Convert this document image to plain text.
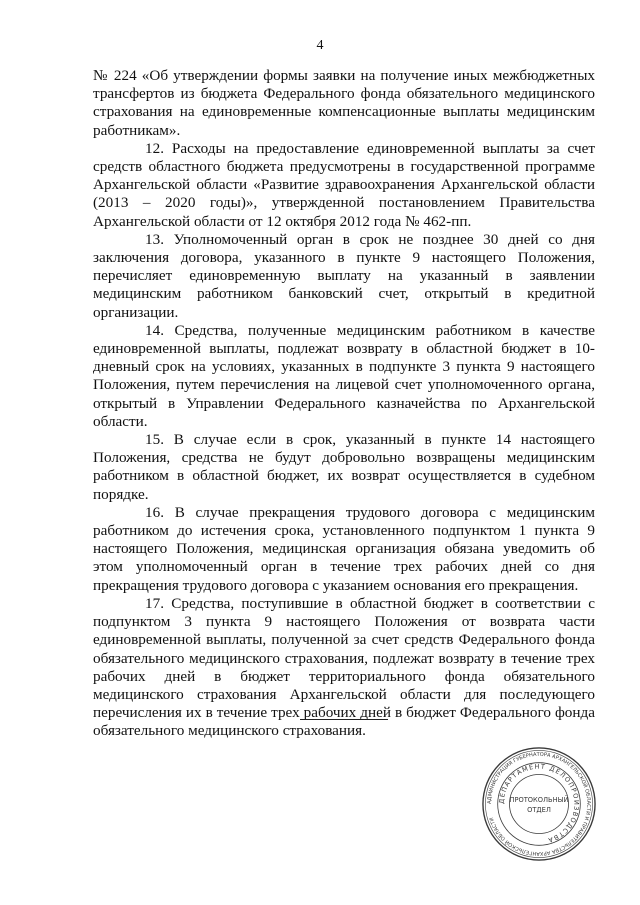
4

№ 224 «Об утверждении формы заявки на получение иных межбюджетных трансфертов из бюджета Федерального фонда обязательного медицинского страхования на единовременные компенсационные выплаты медицинским работникам».

12. Расходы на предоставление единовременной выплаты за счет средств областного бюджета предусмотрены в государственной программе Архангельской области «Развитие здравоохранения Архангельской области (2013 – 2020 годы)», утвержденной постановлением Правительства Архангельской области от 12 октября 2012 года № 462-пп.

13. Уполномоченный орган в срок не позднее 30 дней со дня заключения договора, указанного в пункте 9 настоящего Положения, перечисляет единовременную выплату на указанный в заявлении медицинским работником банковский счет, открытый в кредитной организации.

14. Средства, полученные медицинским работником в качестве единовременной выплаты, подлежат возврату в областной бюджет в 10-дневный срок на условиях, указанных в подпункте 3 пункта 9 настоящего Положения, путем перечисления на лицевой счет уполномоченного органа, открытый в Управлении Федерального казначейства по Архангельской области.

15. В случае если в срок, указанный в пункте 14 настоящего Положения, средства не будут добровольно возвращены медицинским работником в областной бюджет, их возврат осуществляется в судебном порядке.

16. В случае прекращения трудового договора с медицинским работником до истечения срока, установленного подпунктом 1 пункта 9 настоящего Положения, медицинская организация обязана уведомить об этом уполномоченный орган в течение трех рабочих дней со дня прекращения трудового договора с указанием основания его прекращения.

17. Средства, поступившие в областной бюджет в соответствии с подпунктом 3 пункта 9 настоящего Положения от возврата части единовременной выплаты, полученной за счет средств Федерального фонда обязательного медицинского страхования, подлежат возврату в течение трех рабочих дней в бюджет территориального фонда обязательного медицинского страхования Архангельской области для последующего перечисления их в течение трех рабочих дней в бюджет Федерального фонда обязательного медицинского страхования.

АДМИНИСТРАЦИЯ ГУБЕРНАТОРА АРХАНГЕЛЬСКОЙ ОБЛАСТИ И ПРАВИТЕЛЬСТВА АРХАНГЕЛЬСКОЙ ОБЛАСТИ
ДЕПАРТАМЕНТ ДЕЛОПРОИЗВОДСТВА
ПРОТОКОЛЬНЫЙ
ОТДЕЛ
